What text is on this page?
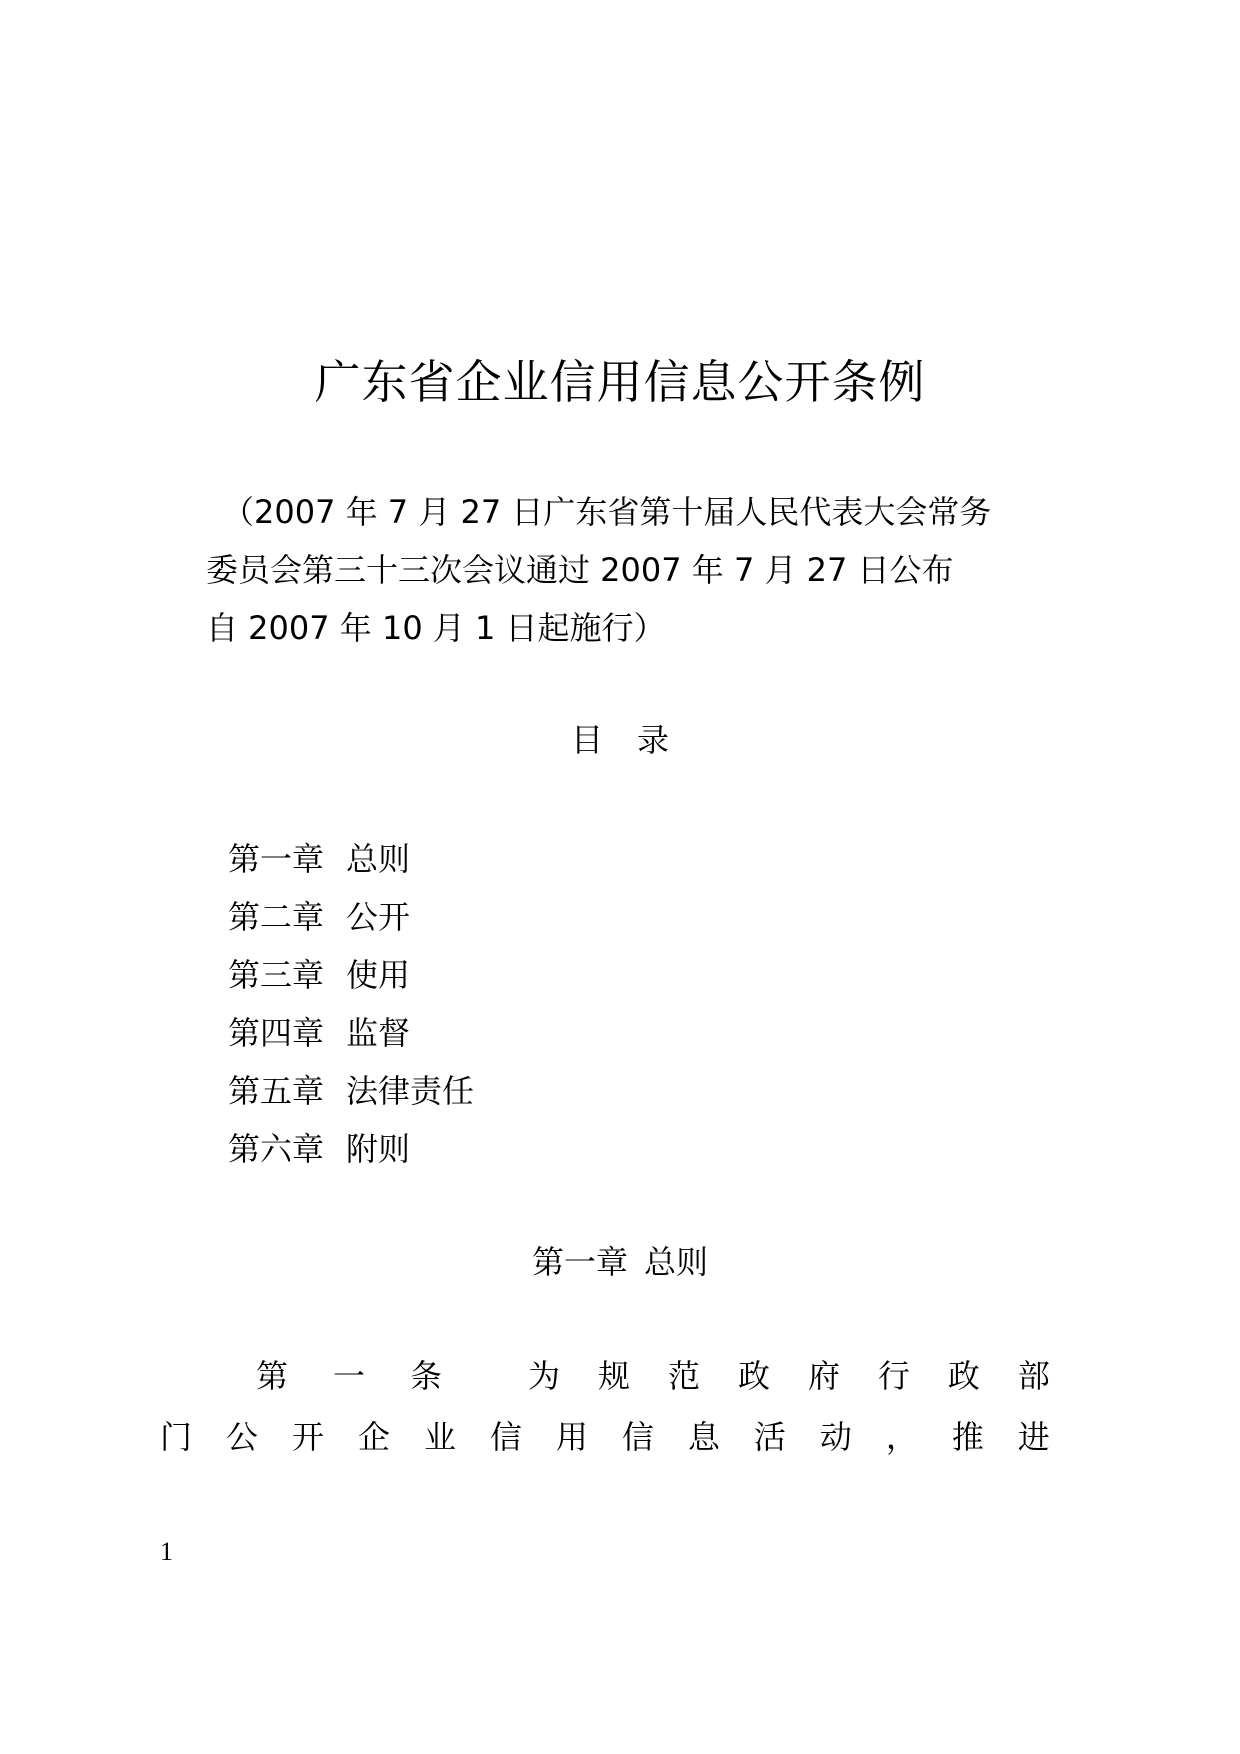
广东省企业信用信息公开条例
（2007 年 7 月 27 日广东省第十届人民代表大会常务
委员会第三十三次会议通过 2007 年 7 月 27 日公布
自 2007 年 10 月 1 日起施行）
目录
第一章 总则
第二章 公开
第三章 使用
第四章 监督
第五章 法律责任
第六章 附则
第一章 总则
第 一 条	为 规 范 政 府 行 政 部
门 公 开 企 业 信 用 信 息 活 动 ， 推 进
1
